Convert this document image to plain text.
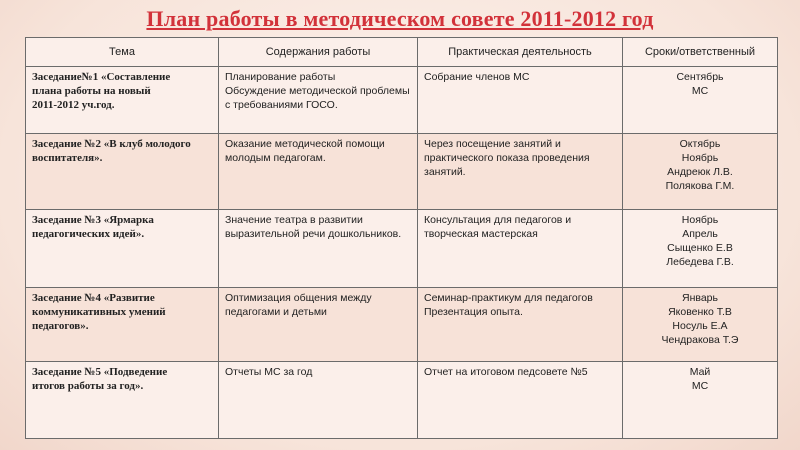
План работы в методическом совете 2011-2012 год
Тема	Содержания работы	Практическая деятельность	Сроки/ответственный

Заседание№1 «Составление
плана работы на новый
2011-2012 уч.год.	Планирование работы
Обсуждение методической проблемы
с требованиями ГОСО.	Собрание членов МС	Сентябрь
МС

Заседание №2 «В клуб молодого
воспитателя».	Оказание методической помощи
молодым педагогам.	Через посещение занятий и
практического показа проведения
занятий.	Октябрь
Ноябрь
Андреюк Л.В.
Полякова Г.М.

Заседание №3 «Ярмарка
педагогических идей».	Значение театра в развитии
выразительной речи дошкольников.	Консультация для педагогов и
творческая мастерская	Ноябрь
Апрель
Сыщенко Е.В
Лебедева Г.В.

Заседание №4 «Развитие
коммуникативных умений
педагогов».	Оптимизация общения между
педагогами и детьми	Семинар-практикум для педагогов
Презентация опыта.	Январь
Яковенко Т.В
Носуль Е.А
Чендракова Т.Э

Заседание №5 «Подведение
итогов работы за год».	Отчеты МС за год	Отчет на итоговом педсовете №5	Май
МС
